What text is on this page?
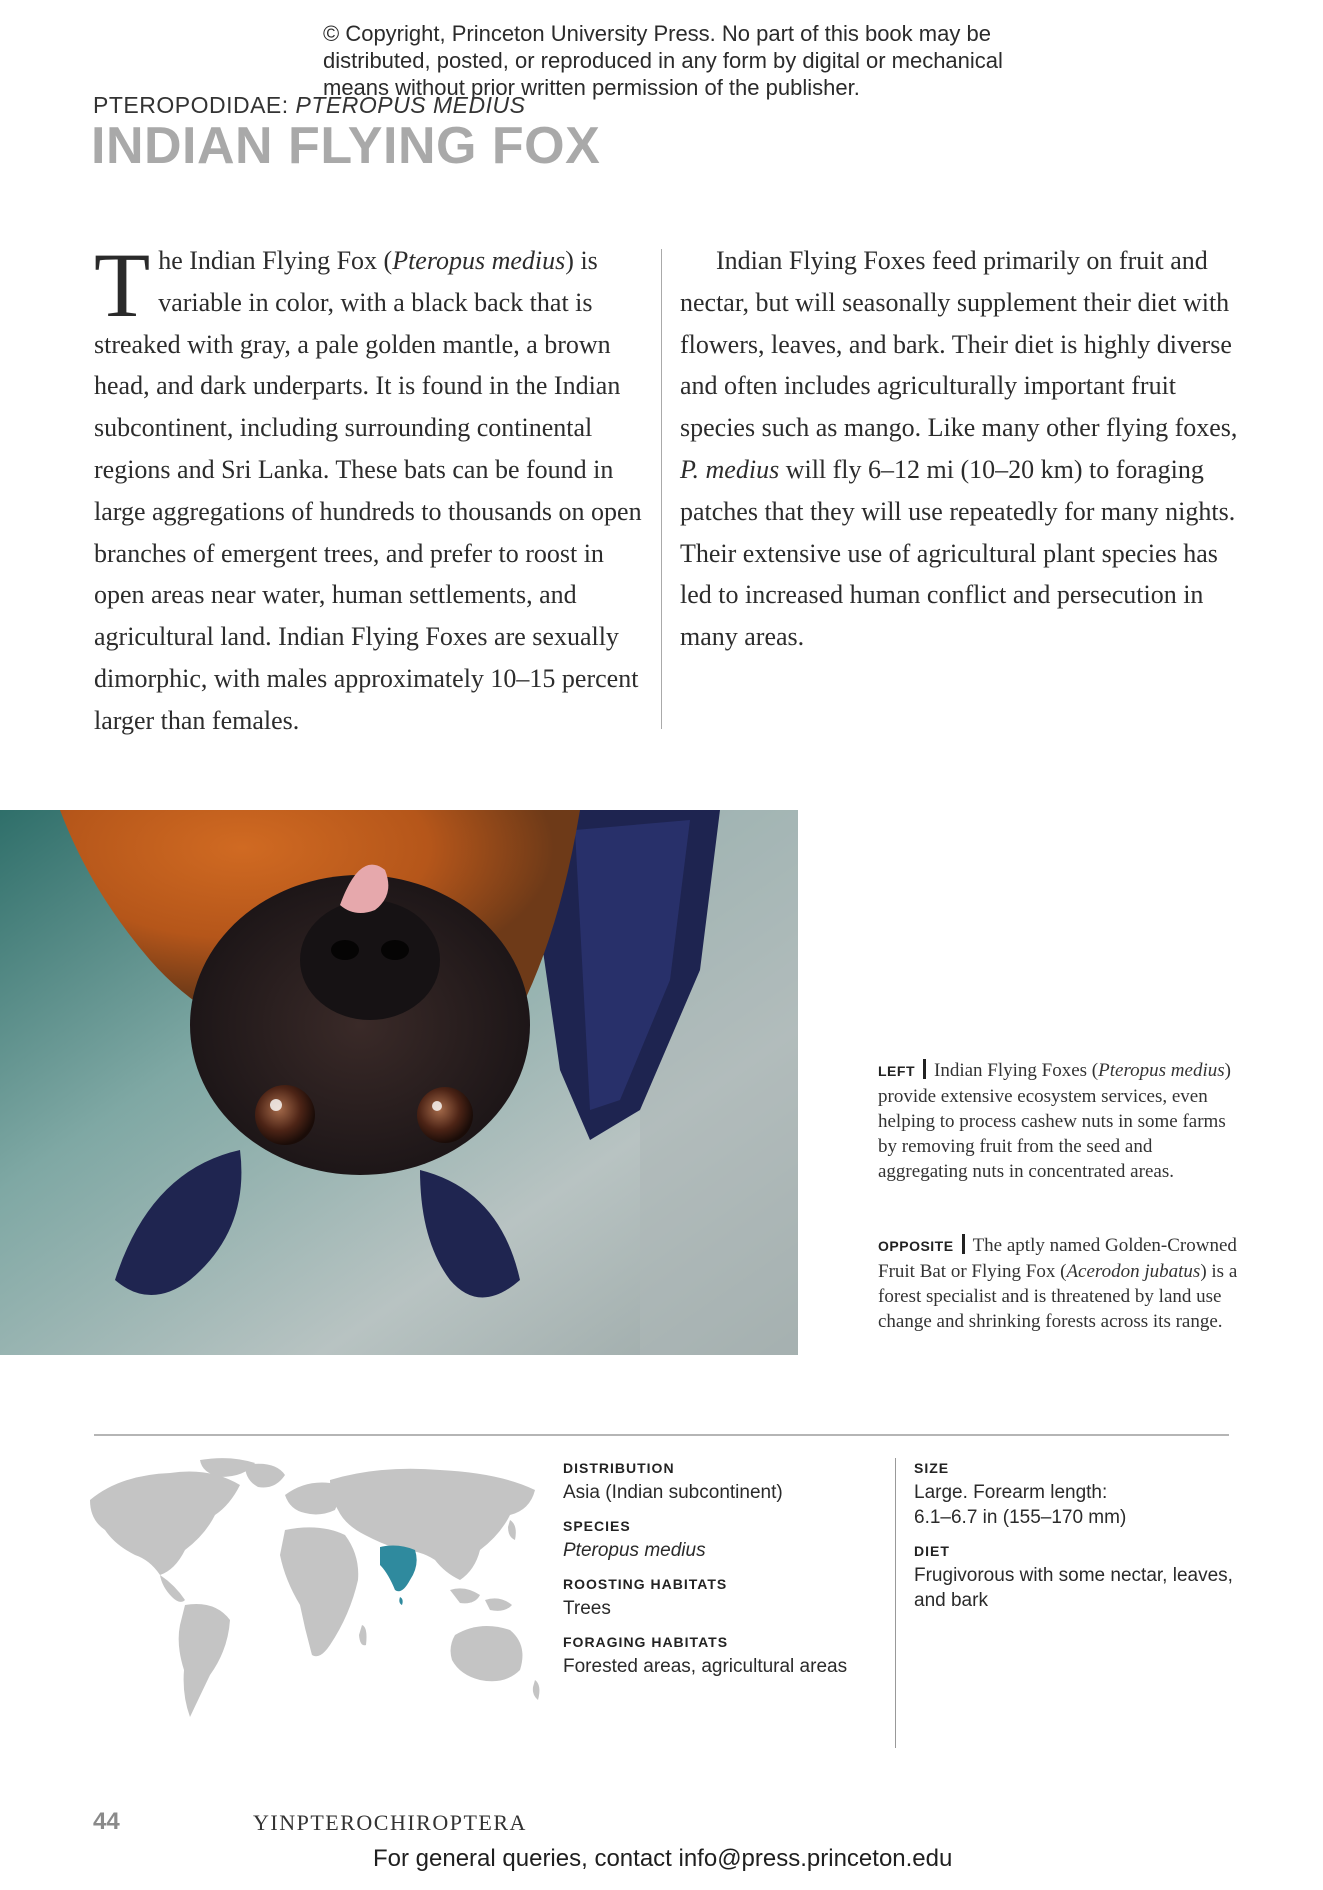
© Copyright, Princeton University Press. No part of this book may be distributed, posted, or reproduced in any form by digital or mechanical means without prior written permission of the publisher.
PTEROPODIDAE: PTEROPUS MEDIUS
INDIAN FLYING FOX

The Indian Flying Fox (Pteropus medius) is variable in color, with a black back that is streaked with gray, a pale golden mantle, a brown head, and dark underparts. It is found in the Indian subcontinent, including surrounding continental regions and Sri Lanka. These bats can be found in large aggregations of hundreds to thousands on open branches of emergent trees, and prefer to roost in open areas near water, human settlements, and agricultural land. Indian Flying Foxes are sexually dimorphic, with males approximately 10–15 percent larger than females.

Indian Flying Foxes feed primarily on fruit and nectar, but will seasonally supplement their diet with flowers, leaves, and bark. Their diet is highly diverse and often includes agriculturally important fruit species such as mango. Like many other flying foxes, P. medius will fly 6–12 mi (10–20 km) to foraging patches that they will use repeatedly for many nights. Their extensive use of agricultural plant species has led to increased human conflict and persecution in many areas.

LEFT Indian Flying Foxes (Pteropus medius) provide extensive ecosystem services, even helping to process cashew nuts in some farms by removing fruit from the seed and aggregating nuts in concentrated areas.
OPPOSITE The aptly named Golden-Crowned Fruit Bat or Flying Fox (Acerodon jubatus) is a forest specialist and is threatened by land use change and shrinking forests across its range.
DISTRIBUTION
Asia (Indian subcontinent)
SPECIES
Pteropus medius
ROOSTING HABITATS
Trees
FORAGING HABITATS
Forested areas, agricultural areas
SIZE
Large. Forearm length:
6.1–6.7 in (155–170 mm)
DIET
Frugivorous with some nectar, leaves, and bark
44	YINPTEROCHIROPTERA
For general queries, contact info@press.princeton.edu
